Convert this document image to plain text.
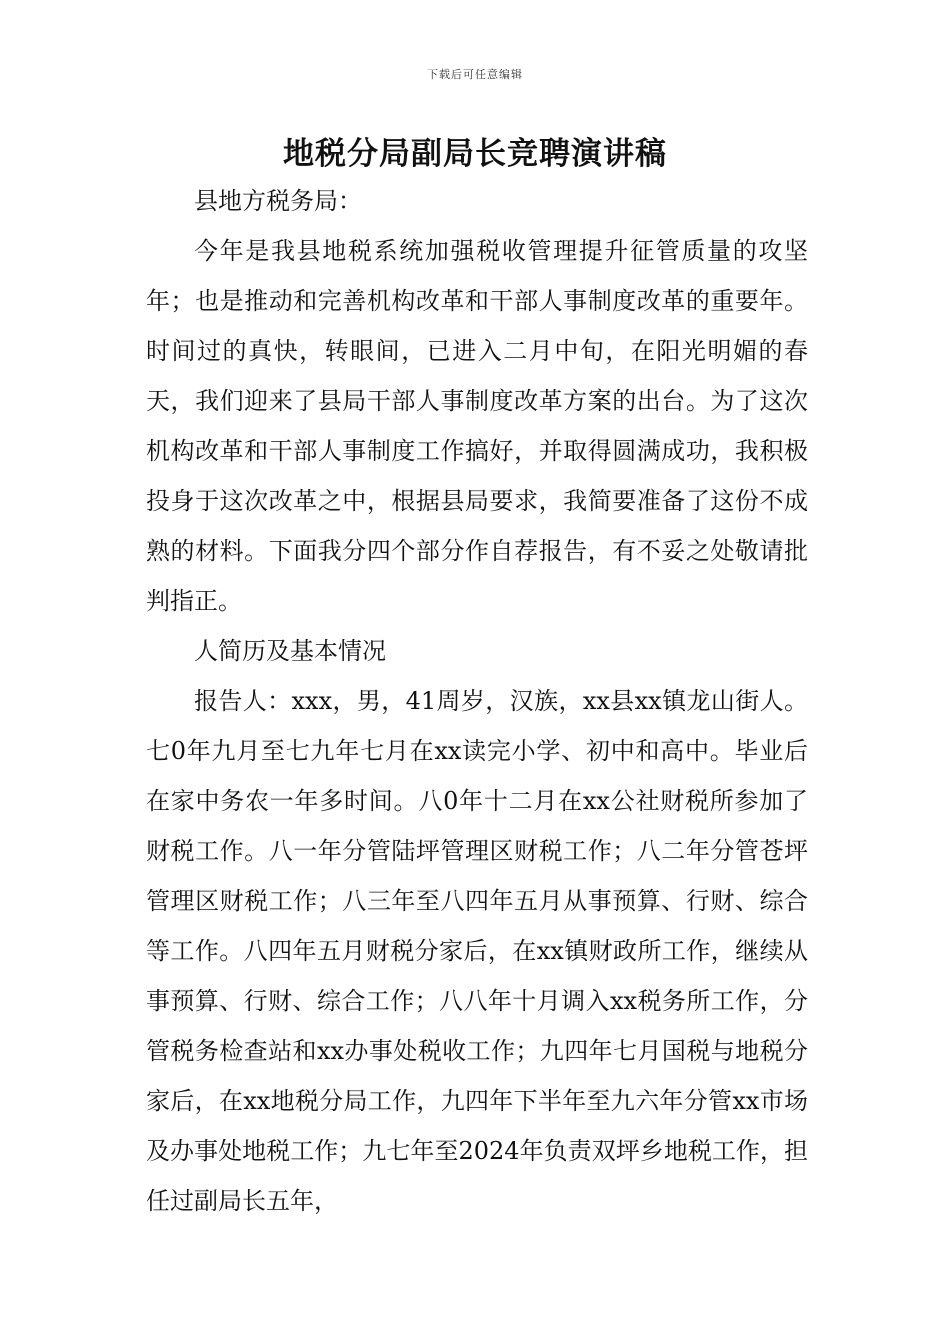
下载后可任意编辑
地税分局副局长竞聘演讲稿

县地方税务局：

今年是我县地税系统加强税收管理提升征管质量的攻坚年；也是推动和完善机构改革和干部人事制度改革的重要年。时间过的真快，转眼间，已进入二月中旬，在阳光明媚的春天，我们迎来了县局干部人事制度改革方案的出台。为了这次机构改革和干部人事制度工作搞好，并取得圆满成功，我积极投身于这次改革之中，根据县局要求，我简要准备了这份不成熟的材料。下面我分四个部分作自荐报告，有不妥之处敬请批判指正。

人简历及基本情况

报告人：xxx，男，41周岁，汉族，xx县xx镇龙山街人。七0年九月至七九年七月在xx读完小学、初中和高中。毕业后在家中务农一年多时间。八0年十二月在xx公社财税所参加了财税工作。八一年分管陆坪管理区财税工作；八二年分管苍坪管理区财税工作；八三年至八四年五月从事预算、行财、综合等工作。八四年五月财税分家后，在xx镇财政所工作，继续从事预算、行财、综合工作；八八年十月调入xx税务所工作，分管税务检查站和xx办事处税收工作；九四年七月国税与地税分家后，在xx地税分局工作，九四年下半年至九六年分管xx市场及办事处地税工作；九七年至2024年负责双坪乡地税工作，担任过副局长五年，
